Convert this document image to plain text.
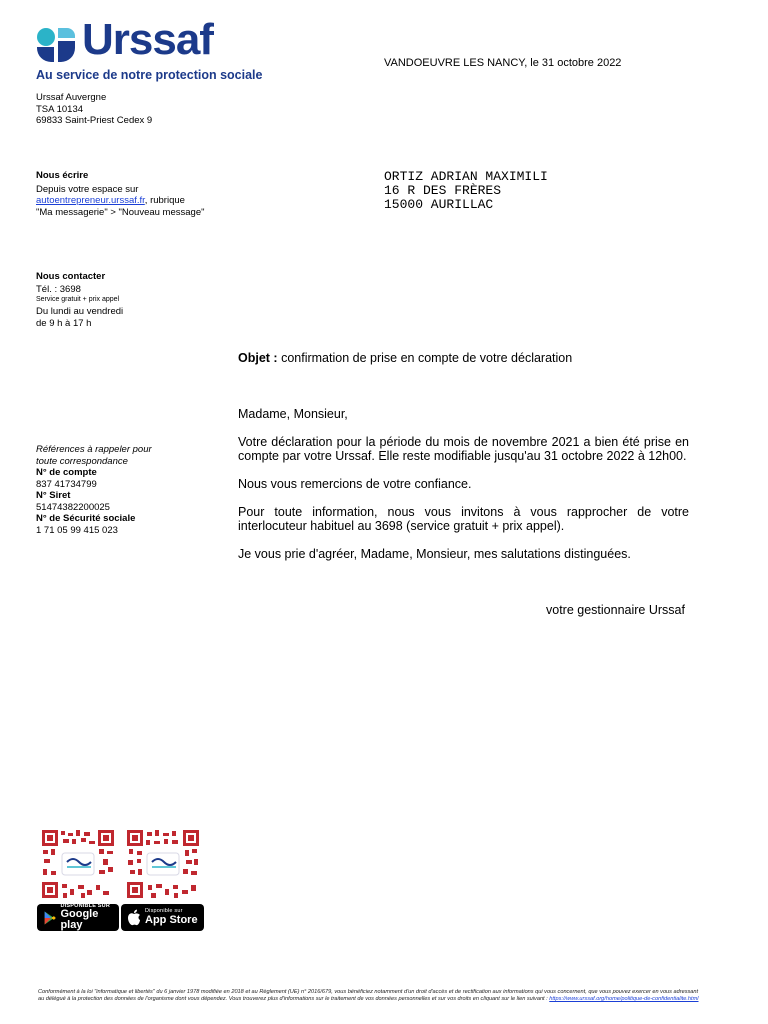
Urssaf
Au service de notre protection sociale
VANDOEUVRE LES NANCY, le 31 octobre 2022
Urssaf Auvergne
TSA 10134
69833 Saint-Priest Cedex 9
Nous écrire
Depuis votre espace sur
autoentrepreneur.urssaf.fr, rubrique
"Ma messagerie" > "Nouveau message"
Nous contacter
Tél. : 3698
Service gratuit + prix appel
Du lundi au vendredi
de 9 h à 17 h
Références à rappeler pour
toute correspondance
N° de compte
837 41734799
N° Siret
51474382200025
N° de Sécurité sociale
1 71 05 99 415 023
ORTIZ ADRIAN MAXIMILI
16 R DES FRÈRES
15000 AURILLAC
Objet : confirmation de prise en compte de votre déclaration

Madame, Monsieur,

Votre déclaration pour la période du mois de novembre 2021 a bien été prise en compte par votre Urssaf. Elle reste modifiable jusqu'au 31 octobre 2022 à 12h00.

Nous vous remercions de votre confiance.

Pour toute information, nous vous invitons à vous rapprocher de votre interlocuteur habituel au 3698 (service gratuit + prix appel).

Je vous prie d'agréer, Madame, Monsieur, mes salutations distinguées.

votre gestionnaire Urssaf
DISPONIBLE SUR
Google play
Disponible sur
App Store
Conformément à la loi "informatique et libertés" du 6 janvier 1978 modifiée en 2018 et au Règlement (UE) n° 2016/679, vous bénéficiez notamment d'un droit d'accès et de rectification aux informations qui vous concernent, que vous pouvez exercer en vous adressant au délégué à la protection des données de l'organisme dont vous dépendez. Vous trouverez plus d'informations sur le traitement de vos données personnelles et sur vos droits en cliquant sur le lien suivant : https://www.urssaf.org/home/politique-de-confidentialite.html
